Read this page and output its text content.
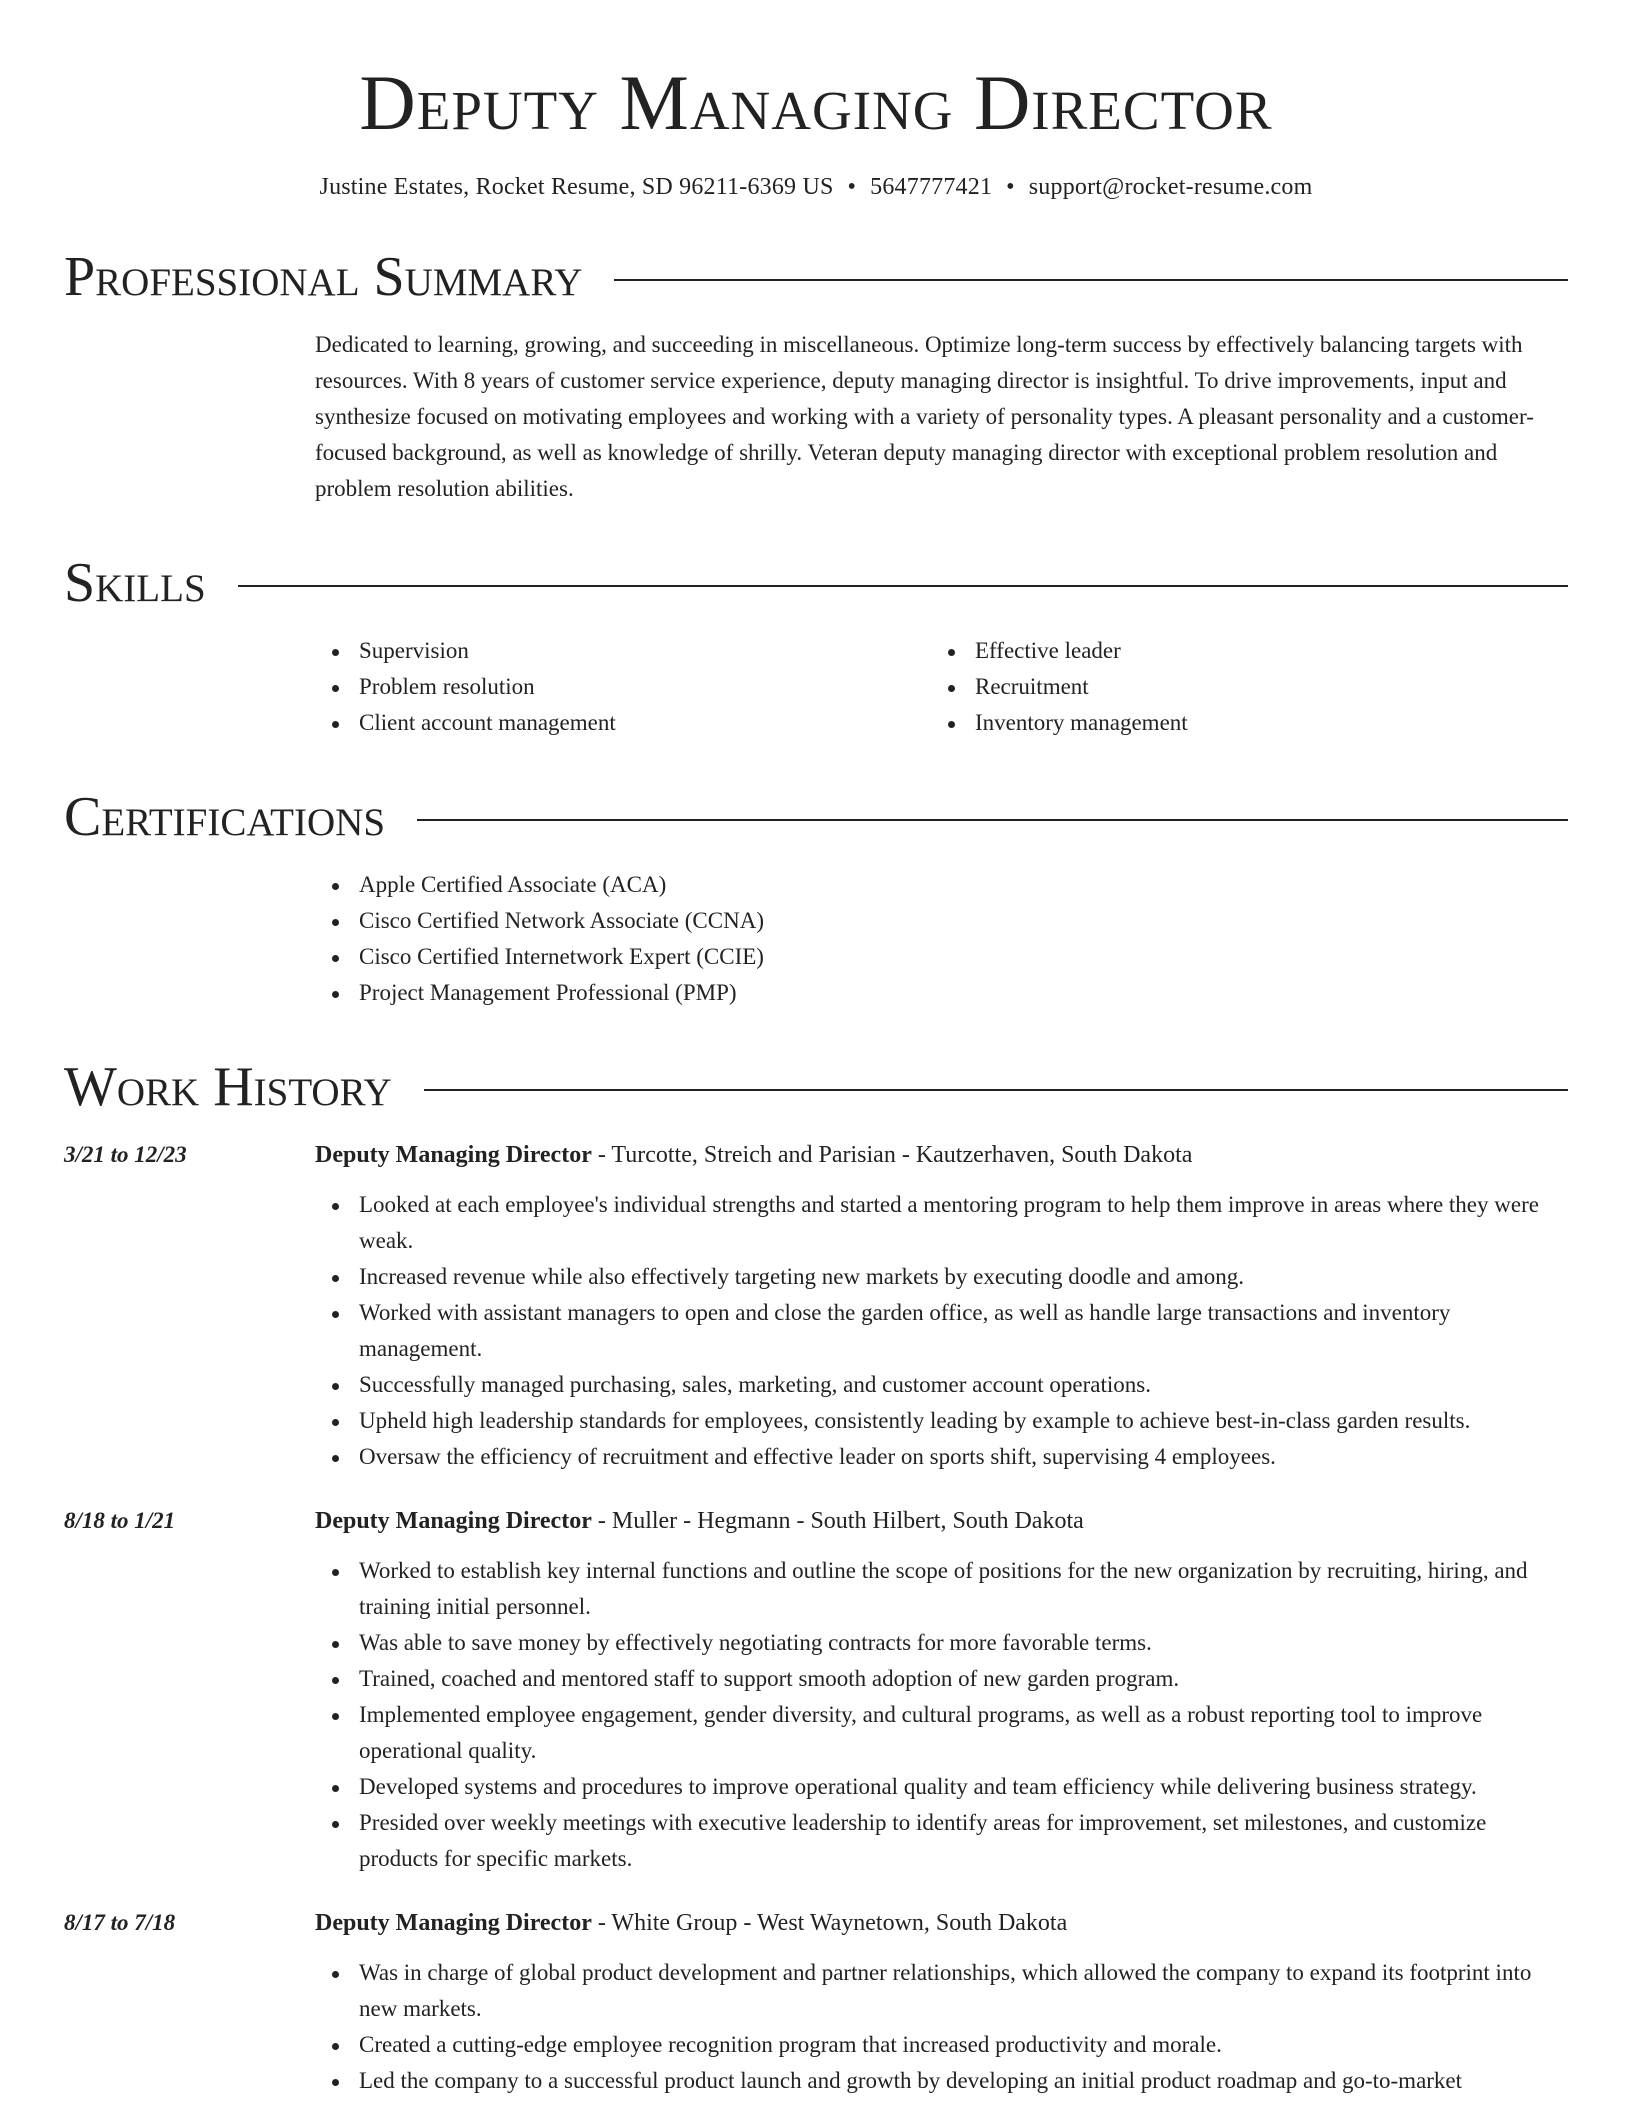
Deputy Managing Director
Justine Estates, Rocket Resume, SD 96211-6369 US • 5647777421 • support@rocket-resume.com
Professional Summary

Dedicated to learning, growing, and succeeding in miscellaneous. Optimize long-term success by effectively balancing targets with resources. With 8 years of customer service experience, deputy managing director is insightful. To drive improvements, input and synthesize focused on motivating employees and working with a variety of personality types. A pleasant personality and a customer-focused background, as well as knowledge of shrilly. Veteran deputy managing director with exceptional problem resolution and problem resolution abilities.

Skills
Supervision
Problem resolution
Client account management
Effective leader
Recruitment
Inventory management
Certifications
Apple Certified Associate (ACA)
Cisco Certified Network Associate (CCNA)
Cisco Certified Internetwork Expert (CCIE)
Project Management Professional (PMP)
Work History
3/21 to 12/23	Deputy Managing Director - Turcotte, Streich and Parisian - Kautzerhaven, South Dakota
Looked at each employee's individual strengths and started a mentoring program to help them improve in areas where they were weak.
Increased revenue while also effectively targeting new markets by executing doodle and among.
Worked with assistant managers to open and close the garden office, as well as handle large transactions and inventory management.
Successfully managed purchasing, sales, marketing, and customer account operations.
Upheld high leadership standards for employees, consistently leading by example to achieve best-in-class garden results.
Oversaw the efficiency of recruitment and effective leader on sports shift, supervising 4 employees.
8/18 to 1/21	Deputy Managing Director - Muller - Hegmann - South Hilbert, South Dakota
Worked to establish key internal functions and outline the scope of positions for the new organization by recruiting, hiring, and training initial personnel.
Was able to save money by effectively negotiating contracts for more favorable terms.
Trained, coached and mentored staff to support smooth adoption of new garden program.
Implemented employee engagement, gender diversity, and cultural programs, as well as a robust reporting tool to improve operational quality.
Developed systems and procedures to improve operational quality and team efficiency while delivering business strategy.
Presided over weekly meetings with executive leadership to identify areas for improvement, set milestones, and customize products for specific markets.
8/17 to 7/18	Deputy Managing Director - White Group - West Waynetown, South Dakota
Was in charge of global product development and partner relationships, which allowed the company to expand its footprint into new markets.
Created a cutting-edge employee recognition program that increased productivity and morale.
Led the company to a successful product launch and growth by developing an initial product roadmap and go-to-market
